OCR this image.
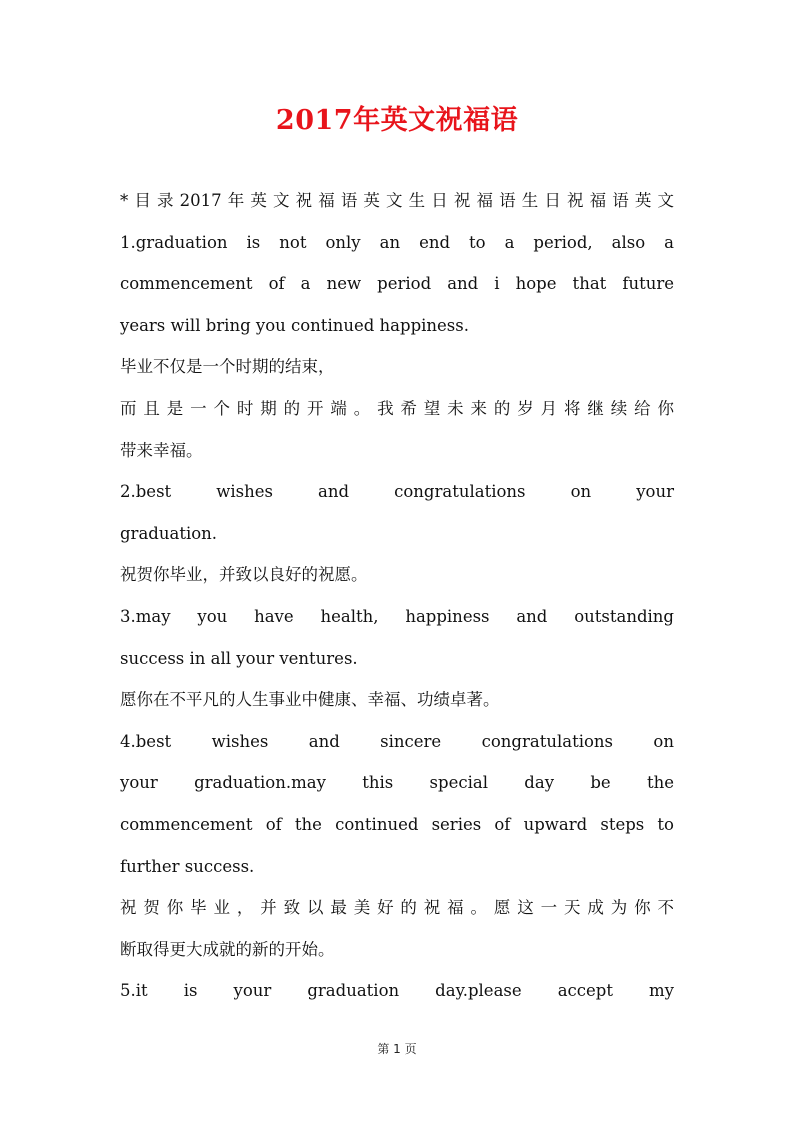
2017年英文祝福语

*目录2017年英文祝福语英文生日祝福语生日祝福语英文

1.graduation is not only an end to a period, also a

commencement of a new period and i hope that future

years will bring you continued happiness.

毕业不仅是一个时期的结束，

而且是一个时期的开端。我希望未来的岁月将继续给你

带来幸福。

2.best wishes and congratulations on your

graduation.

祝贺你毕业，并致以良好的祝愿。

3.may you have health, happiness and outstanding

success in all your ventures.

愿你在不平凡的人生事业中健康、幸福、功绩卓著。

4.best wishes and sincere congratulations on

your graduation.may this special day be the

commencement of the continued series of upward steps to

further success.

祝贺你毕业，并致以最美好的祝福。愿这一天成为你不

断取得更大成就的新的开始。

5.it is your graduation day.please accept my

第 1 页
